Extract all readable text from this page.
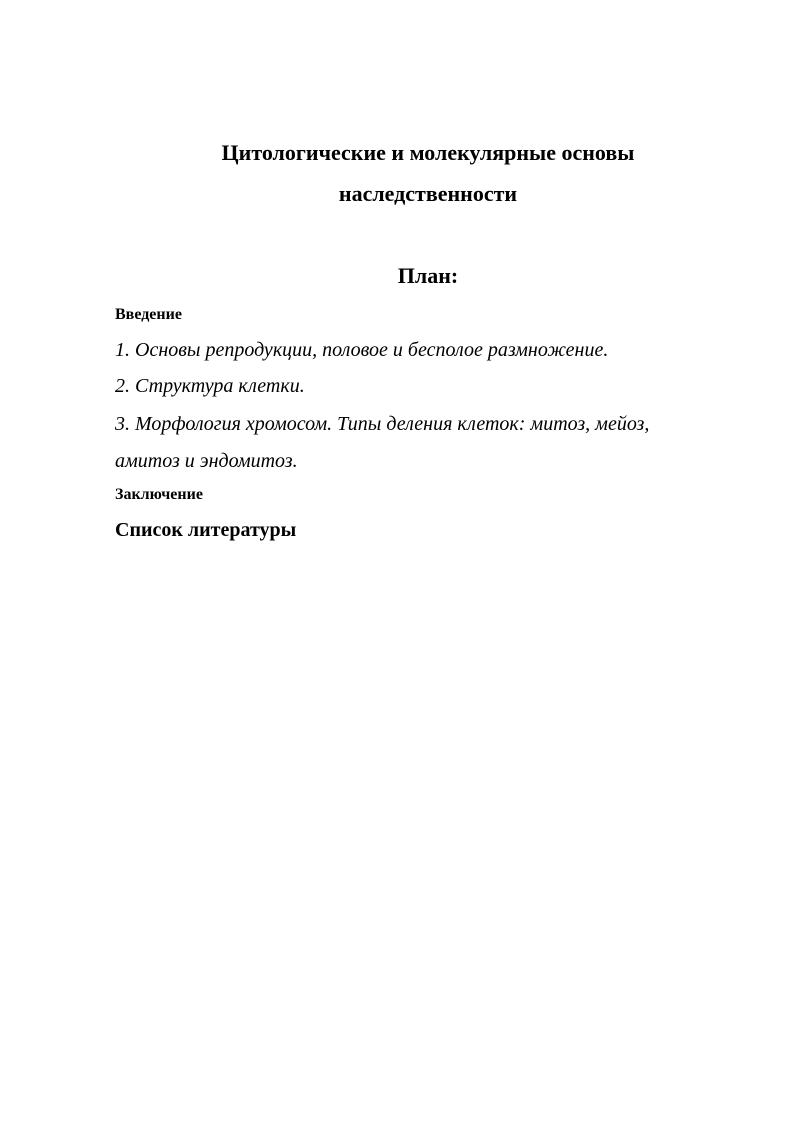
Цитологические и молекулярные основы
наследственности
План:

Введение

1. Основы репродукции, половое и бесполое размножение.

2. Структура клетки.

3. Морфология хромосом. Типы деления клеток: митоз, мейоз,

амитоз и эндомитоз.

Заключение

Список литературы
